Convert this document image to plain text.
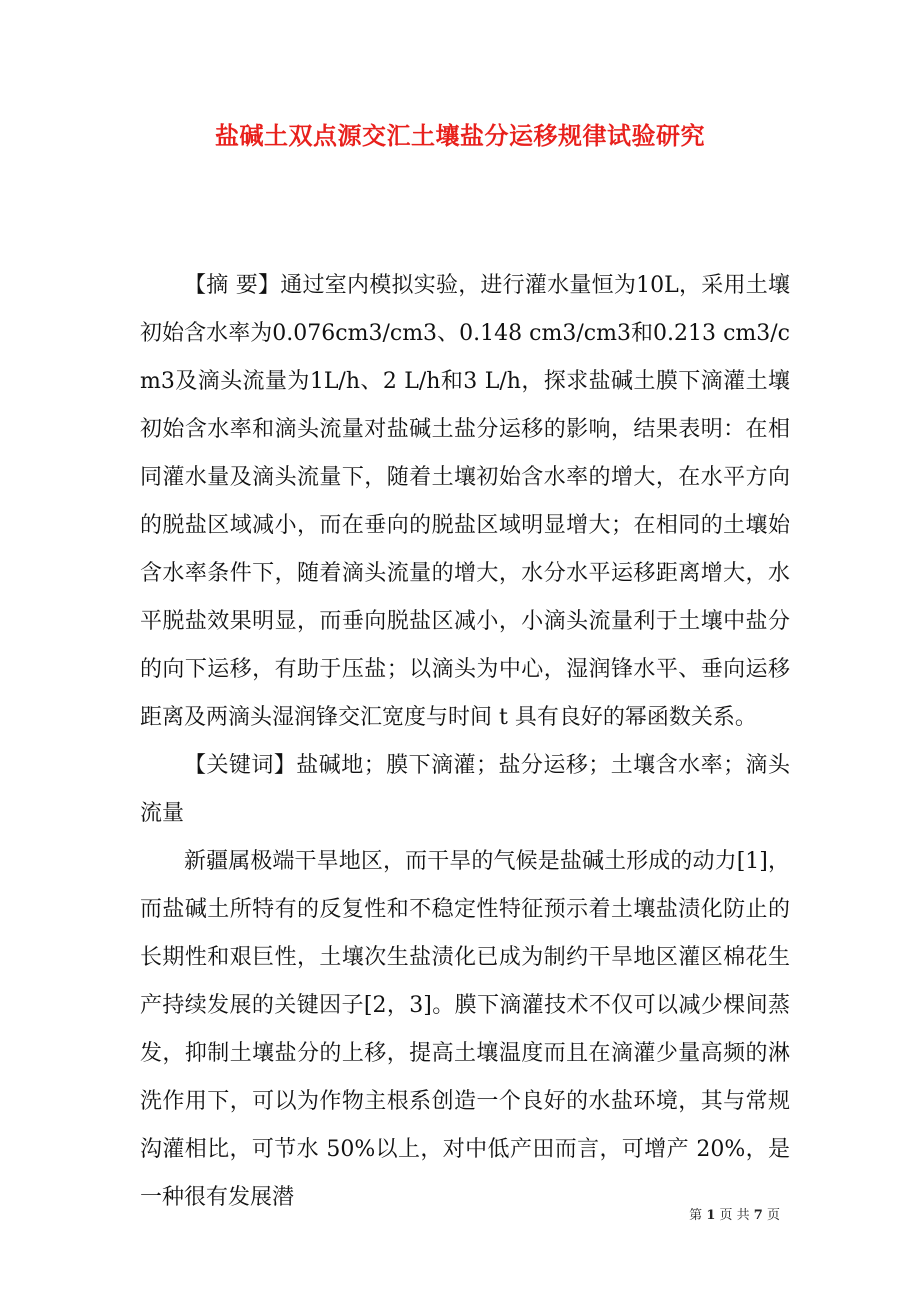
盐碱土双点源交汇土壤盐分运移规律试验研究

【摘 要】通过室内模拟实验，进行灌水量恒为10L，采用土壤初始含水率为0.076cm3/cm3、0.148 cm3/cm3和0.213 cm3/cm3及滴头流量为1L/h、2 L/h和3 L/h，探求盐碱土膜下滴灌土壤初始含水率和滴头流量对盐碱土盐分运移的影响，结果表明：在相同灌水量及滴头流量下，随着土壤初始含水率的增大，在水平方向的脱盐区域减小，而在垂向的脱盐区域明显增大；在相同的土壤始含水率条件下，随着滴头流量的增大，水分水平运移距离增大，水平脱盐效果明显，而垂向脱盐区减小，小滴头流量利于土壤中盐分的向下运移，有助于压盐；以滴头为中心，湿润锋水平、垂向运移距离及两滴头湿润锋交汇宽度与时间 t 具有良好的幂函数关系。

【关键词】盐碱地；膜下滴灌；盐分运移；土壤含水率；滴头流量

新疆属极端干旱地区，而干旱的气候是盐碱土形成的动力[1]，而盐碱土所特有的反复性和不稳定性特征预示着土壤盐渍化防止的长期性和艰巨性，土壤次生盐渍化已成为制约干旱地区灌区棉花生产持续发展的关键因子[2，3]。膜下滴灌技术不仅可以减少棵间蒸发，抑制土壤盐分的上移，提高土壤温度而且在滴灌少量高频的淋洗作用下，可以为作物主根系创造一个良好的水盐环境，其与常规沟灌相比，可节水 50%以上，对中低产田而言，可增产 20%，是一种很有发展潜

第 1 页 共 7 页
